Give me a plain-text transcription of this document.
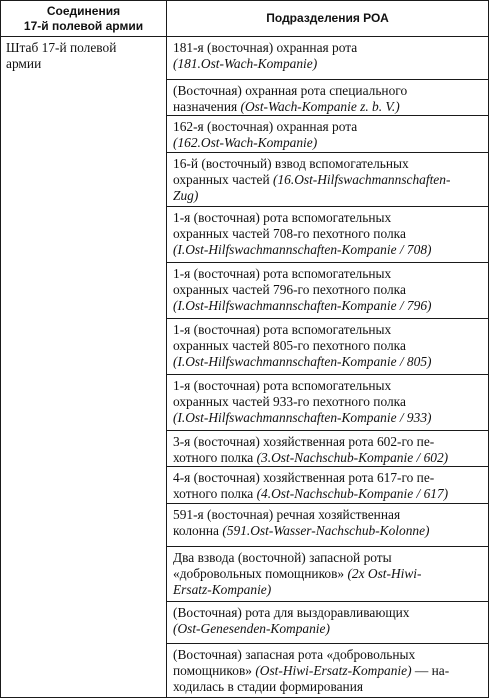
Соединения
17-й полевой армии
Подразделения РОА
Штаб 17-й полевой
армии
181-я (восточная) охранная рота
(181.Ost-Wach-Kompanie)
(Восточная) охранная рота специального
назначения (Ost-Wach-Kompanie z. b. V.)
162-я (восточная) охранная рота
(162.Ost-Wach-Kompanie)
16-й (восточный) взвод вспомогательных
охранных частей (16.Ost-Hilfswachmannschaften-
Zug)
1-я (восточная) рота вспомогательных
охранных частей 708-го пехотного полка
(I.Ost-Hilfswachmannschaften-Kompanie / 708)
1-я (восточная) рота вспомогательных
охранных частей 796-го пехотного полка
(I.Ost-Hilfswachmannschaften-Kompanie / 796)
1-я (восточная) рота вспомогательных
охранных частей 805-го пехотного полка
(I.Ost-Hilfswachmannschaften-Kompanie / 805)
1-я (восточная) рота вспомогательных
охранных частей 933-го пехотного полка
(I.Ost-Hilfswachmannschaften-Kompanie / 933)
3-я (восточная) хозяйственная рота 602-го пе-
хотного полка (3.Ost-Nachschub-Kompanie / 602)
4-я (восточная) хозяйственная рота 617-го пе-
хотного полка (4.Ost-Nachschub-Kompanie / 617)
591-я (восточная) речная хозяйственная
колонна (591.Ost-Wasser-Nachschub-Kolonne)
Два взвода (восточной) запасной роты
«добровольных помощников» (2x Ost-Hiwi-
Ersatz-Kompanie)
(Восточная) рота для выздоравливающих
(Ost-Genesenden-Kompanie)
(Восточная) запасная рота «добровольных
помощников» (Ost-Hiwi-Ersatz-Kompanie) — на-
ходилась в стадии формирования
